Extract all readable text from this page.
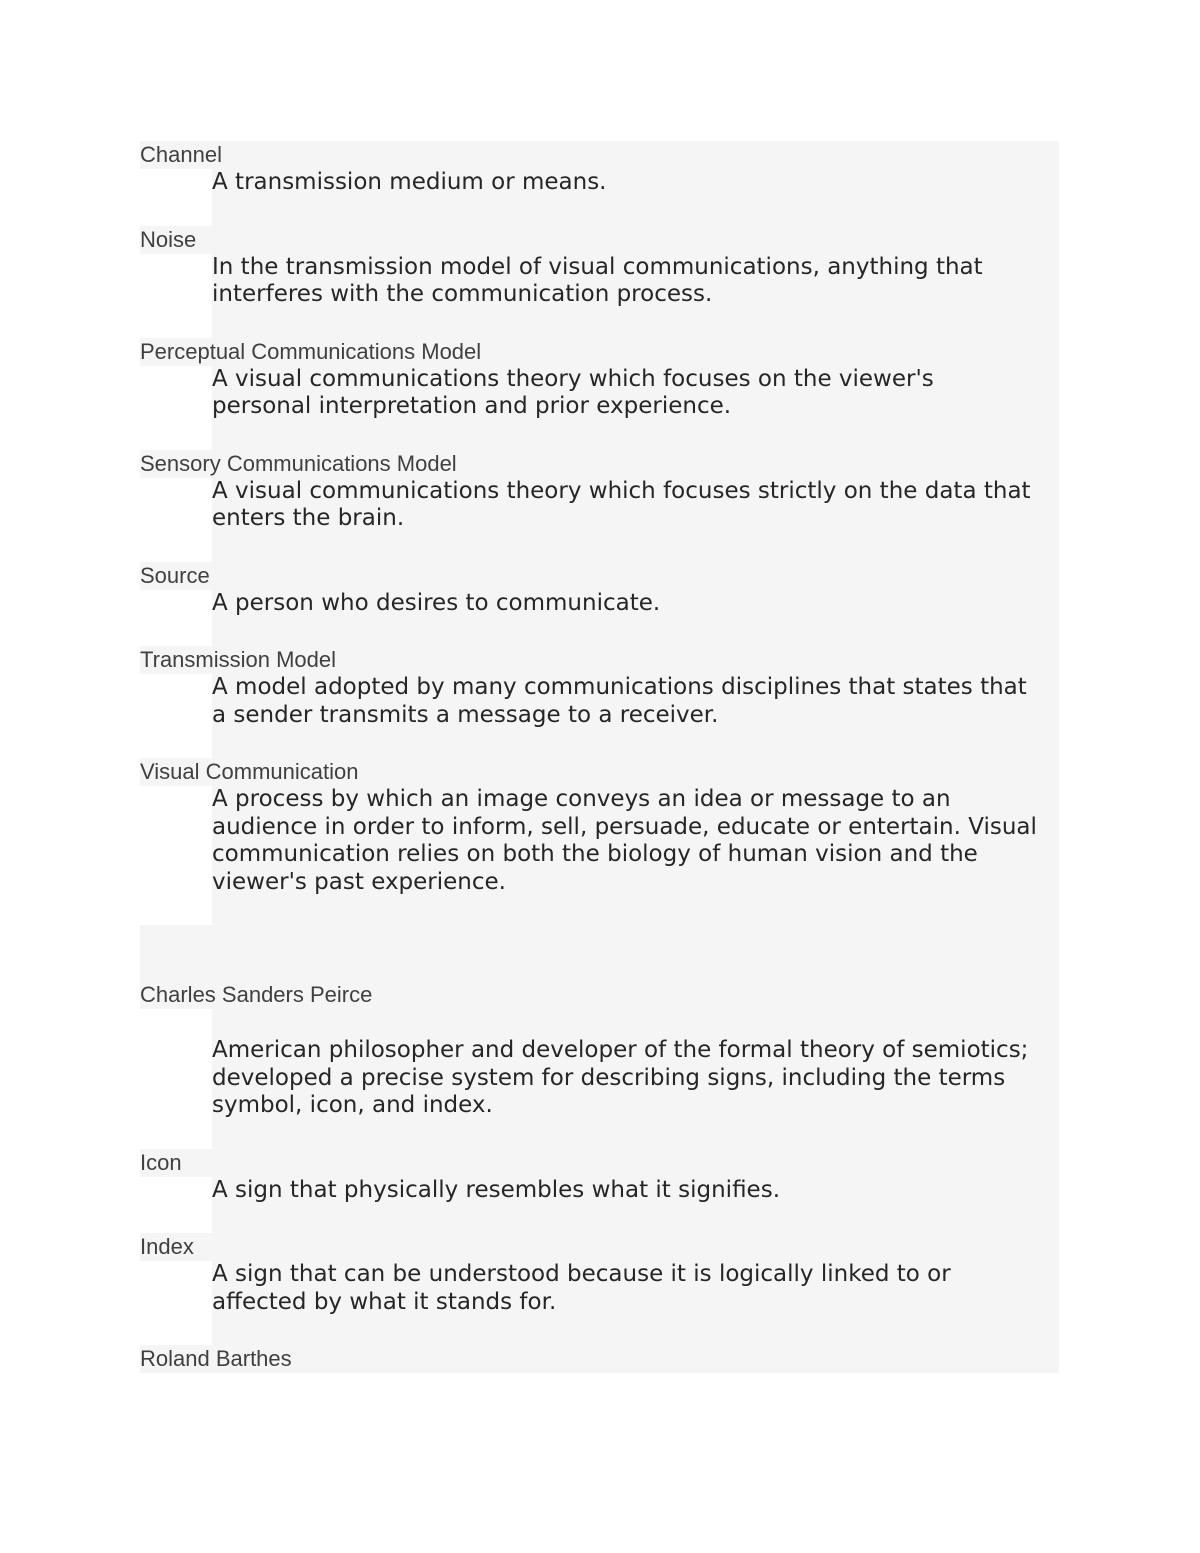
Channel
A transmission medium or means.
Noise
In the transmission model of visual communications, anything that
interferes with the communication process.
Perceptual Communications Model
A visual communications theory which focuses on the viewer's
personal interpretation and prior experience.
Sensory Communications Model
A visual communications theory which focuses strictly on the data that
enters the brain.
Source
A person who desires to communicate.
Transmission Model
A model adopted by many communications disciplines that states that
a sender transmits a message to a receiver.
Visual Communication
A process by which an image conveys an idea or message to an
audience in order to inform, sell, persuade, educate or entertain. Visual
communication relies on both the biology of human vision and the
viewer's past experience.
Charles Sanders Peirce
American philosopher and developer of the formal theory of semiotics;
developed a precise system for describing signs, including the terms
symbol, icon, and index.
Icon
A sign that physically resembles what it signifies.
Index
A sign that can be understood because it is logically linked to or
affected by what it stands for.
Roland Barthes
